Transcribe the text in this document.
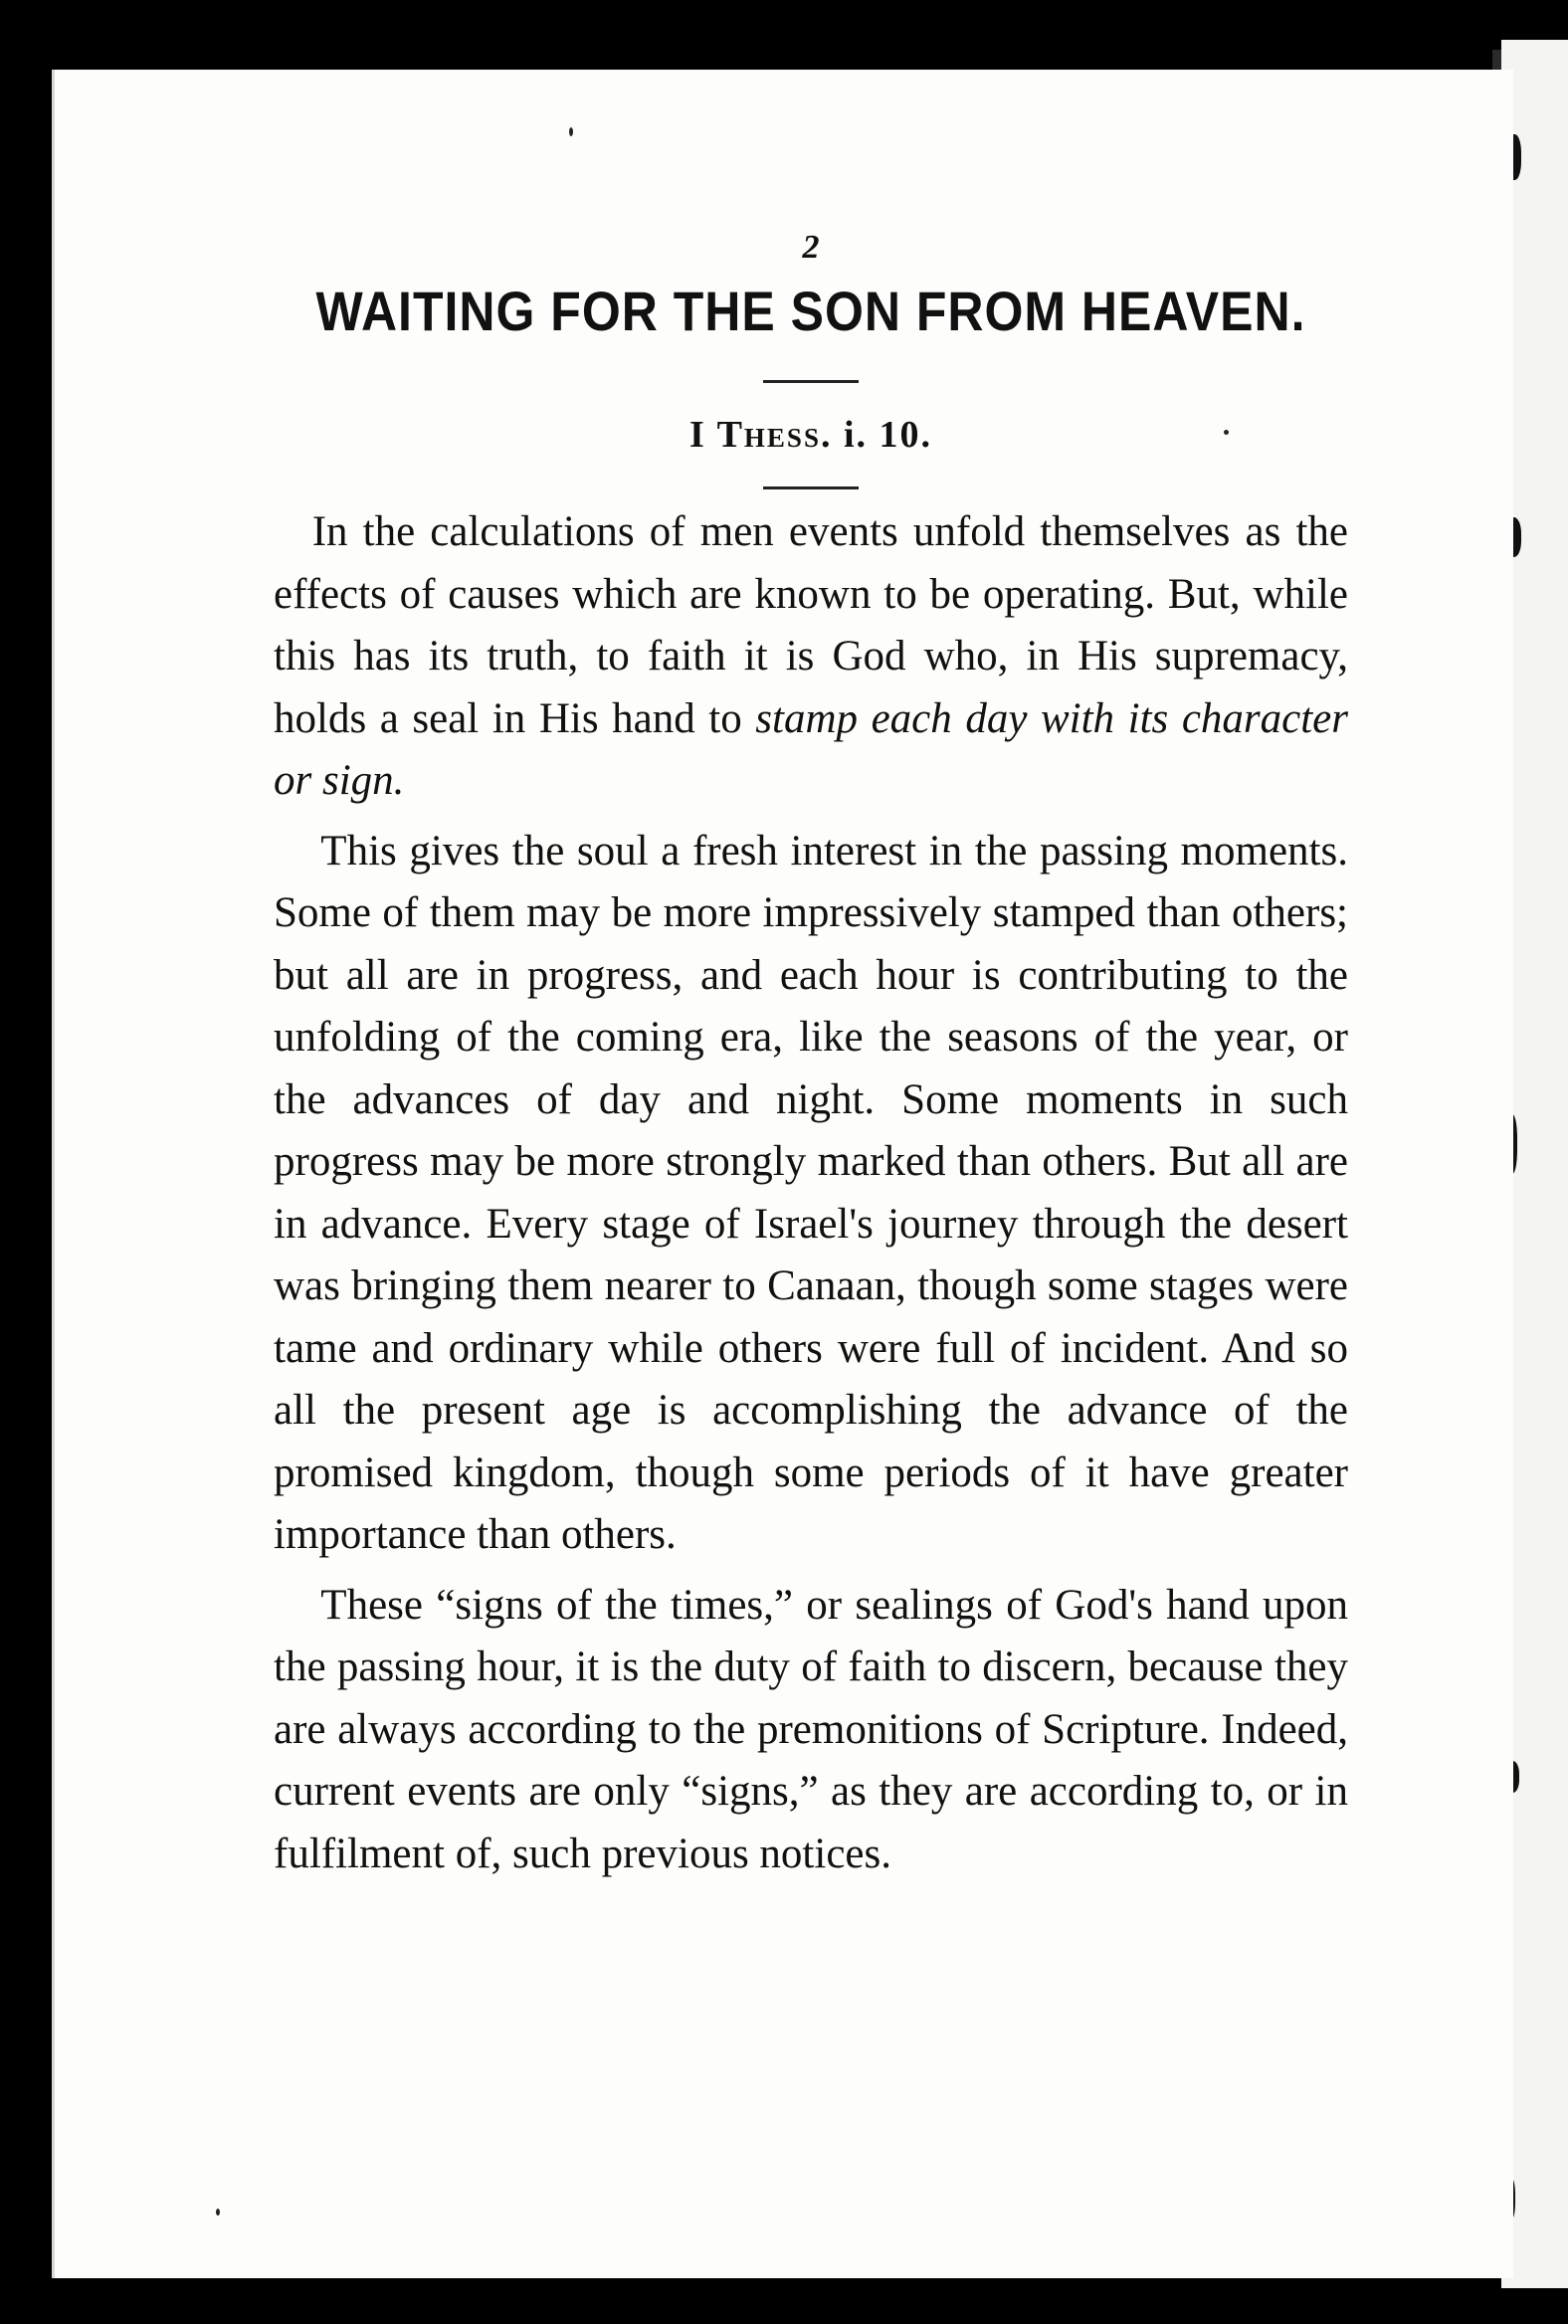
2
WAITING FOR THE SON FROM HEAVEN.
I Thess. i. 10.

In the calculations of men events unfold themselves as the effects of causes which are known to be operating. But, while this has its truth, to faith it is God who, in His supremacy, holds a seal in His hand to stamp each day with its character or sign.

This gives the soul a fresh interest in the passing moments. Some of them may be more impressively stamped than others; but all are in progress, and each hour is contributing to the unfolding of the coming era, like the seasons of the year, or the advances of day and night. Some moments in such progress may be more strongly marked than others. But all are in advance. Every stage of Israel's journey through the desert was bringing them nearer to Canaan, though some stages were tame and ordinary while others were full of incident. And so all the present age is accomplishing the advance of the promised kingdom, though some periods of it have greater importance than others.

These “signs of the times,” or sealings of God's hand upon the passing hour, it is the duty of faith to discern, because they are always according to the premonitions of Scripture. Indeed, current events are only “signs,” as they are according to, or in fulfilment of, such previous notices.
